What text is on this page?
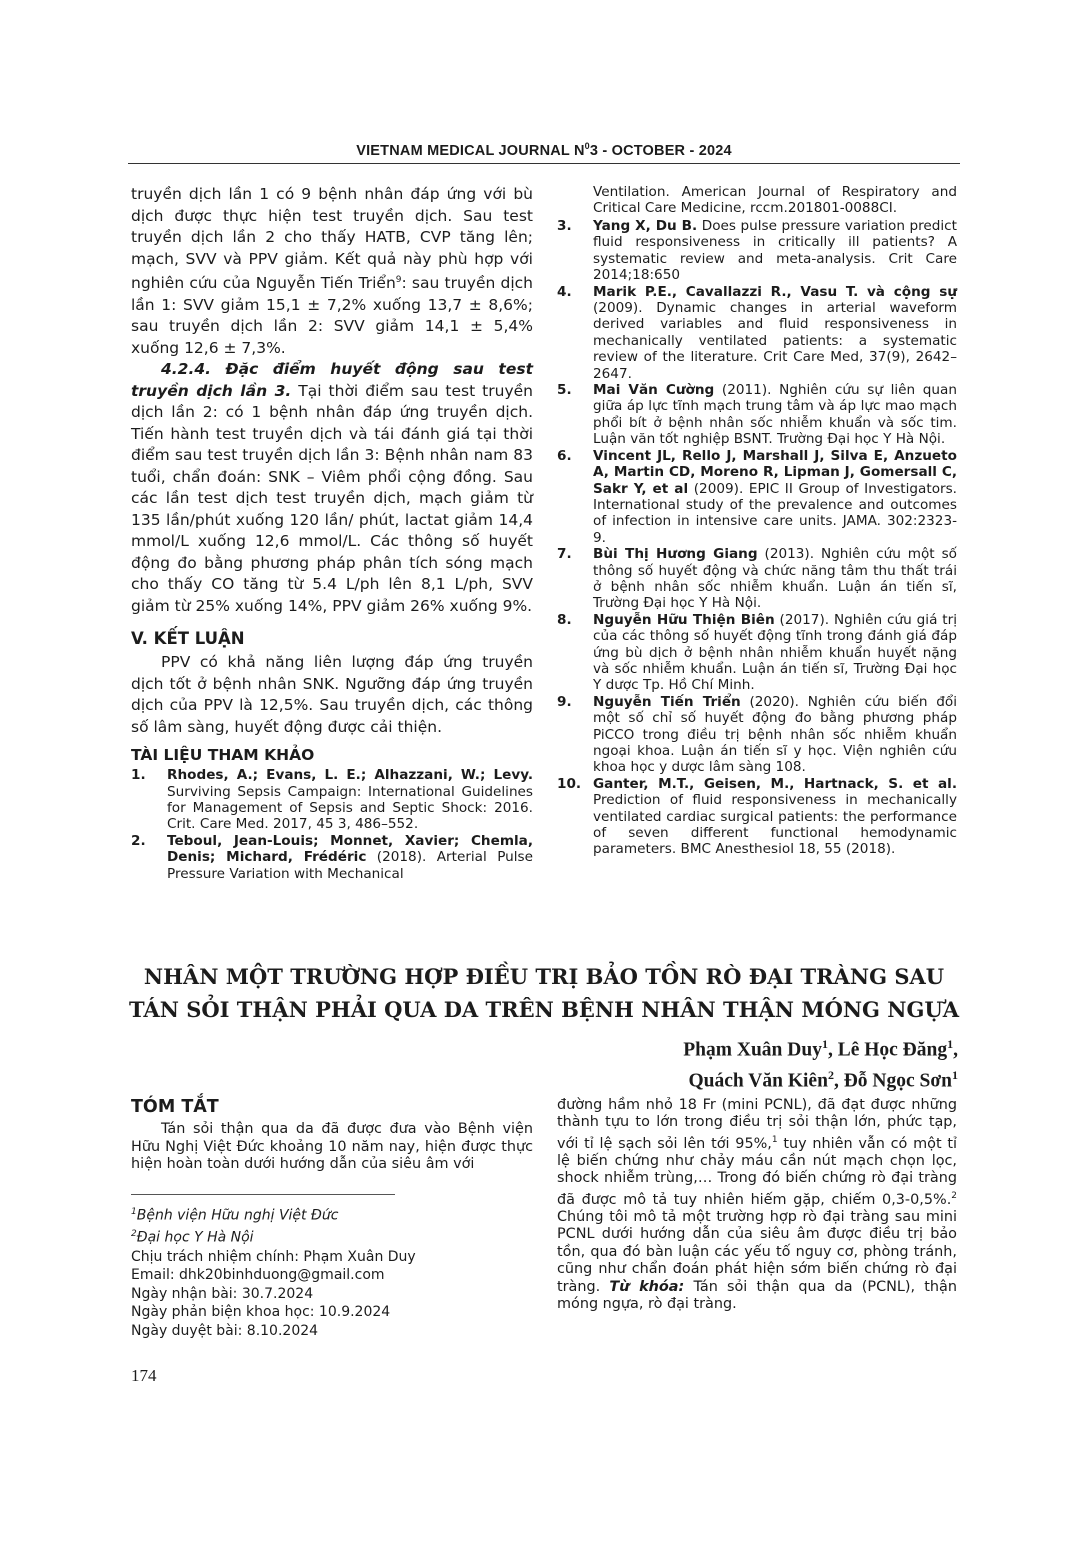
VIETNAM MEDICAL JOURNAL $N^03$ - OCTOBER - 2024

truyền dịch lần 1 có 9 bệnh nhân đáp ứng với bù dịch được thực hiện test truyền dịch. Sau test truyền dịch lần 2 cho thấy HATB, CVP tăng lên; mạch, SVV và PPV giảm. Kết quả này phù hợp với nghiên cứu của Nguyễn Tiến Triển$^9$: sau truyền dịch lần 1: SVV giảm 15,1 ± 7,2% xuống 13,7 ± 8,6%; sau truyền dịch lần 2: SVV giảm 14,1 ± 5,4% xuống 12,6 ± 7,3%.

4.2.4. Đặc điểm huyết động sau test truyền dịch lần 3. Tại thời điểm sau test truyền dịch lần 2: có 1 bệnh nhân đáp ứng truyền dịch. Tiến hành test truyền dịch và tái đánh giá tại thời điểm sau test truyền dịch lần 3: Bệnh nhân nam 83 tuổi, chẩn đoán: SNK – Viêm phổi cộng đồng. Sau các lần test dịch test truyền dịch, mạch giảm từ 135 lần/phút xuống 120 lần/ phút, lactat giảm 14,4 mmol/L xuống 12,6 mmol/L. Các thông số huyết động đo bằng phương pháp phân tích sóng mạch cho thấy CO tăng từ 5.4 L/ph lên 8,1 L/ph, SVV giảm từ 25% xuống 14%, PPV giảm 26% xuống 9%.

V. KẾT LUẬN

PPV có khả năng liên lượng đáp ứng truyền dịch tốt ở bệnh nhân SNK. Ngưỡng đáp ứng truyền dịch của PPV là 12,5%. Sau truyền dịch, các thông số lâm sàng, huyết động được cải thiện.

TÀI LIỆU THAM KHẢO

1.	Rhodes, A.; Evans, L. E.; Alhazzani, W.; Levy. Surviving Sepsis Campaign: International Guidelines for Management of Sepsis and Septic Shock: 2016. Crit. Care Med. 2017, 45 3, 486–552.
2.	Teboul, Jean-Louis; Monnet, Xavier; Chemla, Denis; Michard, Frédéric (2018). Arterial Pulse Pressure Variation with Mechanical
Ventilation. American Journal of Respiratory and Critical Care Medicine, rccm.201801-0088CI.
3.	Yang X, Du B. Does pulse pressure variation predict fluid responsiveness in critically ill patients? A systematic review and meta-analysis. Crit Care 2014;18:650
4.	Marik P.E., Cavallazzi R., Vasu T. và cộng sự (2009). Dynamic changes in arterial waveform derived variables and fluid responsiveness in mechanically ventilated patients: a systematic review of the literature. Crit Care Med, 37(9), 2642–2647.
5.	Mai Văn Cường (2011). Nghiên cứu sự liên quan giữa áp lực tĩnh mạch trung tâm và áp lực mao mạch phổi bít ở bệnh nhân sốc nhiễm khuẩn và sốc tim. Luận văn tốt nghiệp BSNT. Trường Đại học Y Hà Nội.
6.	Vincent JL, Rello J, Marshall J, Silva E, Anzueto A, Martin CD, Moreno R, Lipman J, Gomersall C, Sakr Y, et al (2009). EPIC II Group of Investigators. International study of the prevalence and outcomes of infection in intensive care units. JAMA. 302:2323-9.
7.	Bùi Thị Hương Giang (2013). Nghiên cứu một số thông số huyết động và chức năng tâm thu thất trái ở bệnh nhân sốc nhiễm khuẩn. Luận án tiến sĩ, Trường Đại học Y Hà Nội.
8.	Nguyễn Hữu Thiện Biên (2017). Nghiên cứu giá trị của các thông số huyết động tĩnh trong đánh giá đáp ứng bù dịch ở bệnh nhân nhiễm khuẩn huyết nặng và sốc nhiễm khuẩn. Luận án tiến sĩ, Trường Đại học Y dược Tp. Hồ Chí Minh.
9.	Nguyễn Tiến Triển (2020). Nghiên cứu biến đổi một số chỉ số huyết động đo bằng phương pháp PiCCO trong điều trị bệnh nhân sốc nhiễm khuẩn ngoại khoa. Luận án tiến sĩ y học. Viện nghiên cứu khoa học y dược lâm sàng 108.
10. Ganter, M.T., Geisen, M., Hartnack, S. et al. Prediction of fluid responsiveness in mechanically ventilated cardiac surgical patients: the performance of seven different functional hemodynamic parameters. BMC Anesthesiol 18, 55 (2018).
NHÂN MỘT TRƯỜNG HỢP ĐIỀU TRỊ BẢO TỒN RÒ ĐẠI TRÀNG SAU
TÁN SỎI THẬN PHẢI QUA DA TRÊN BỆNH NHÂN THẬN MÓNG NGỰA
Phạm Xuân Duy$^1$, Lê Học Đăng$^1$,
Quách Văn Kiên$^2$, Đỗ Ngọc Sơn$^1$

TÓM TẮT

Tán sỏi thận qua da đã được đưa vào Bệnh viện Hữu Nghị Việt Đức khoảng 10 năm nay, hiện được thực hiện hoàn toàn dưới hướng dẫn của siêu âm với

$^1$Bệnh viện Hữu nghị Việt Đức
$^2$Đại học Y Hà Nội
Chịu trách nhiệm chính: Phạm Xuân Duy
Email: dhk20binhduong@gmail.com
Ngày nhận bài: 30.7.2024
Ngày phản biện khoa học: 10.9.2024
Ngày duyệt bài: 8.10.2024

đường hầm nhỏ 18 Fr (mini PCNL), đã đạt được những thành tựu to lớn trong điều trị sỏi thận lớn, phức tạp, với tỉ lệ sạch sỏi lên tới 95%,$^1$ tuy nhiên vẫn có một tỉ lệ biến chứng như chảy máu cần nút mạch chọn lọc, shock nhiễm trùng,… Trong đó biến chứng rò đại tràng đã được mô tả tuy nhiên hiếm gặp, chiếm 0,3-0,5%.$^2$ Chúng tôi mô tả một trường hợp rò đại tràng sau mini PCNL dưới hướng dẫn của siêu âm được điều trị bảo tồn, qua đó bàn luận các yếu tố nguy cơ, phòng tránh, cũng như chẩn đoán phát hiện sớm biến chứng rò đại tràng. Từ khóa: Tán sỏi thận qua da (PCNL), thận móng ngựa, rò đại tràng.

174
